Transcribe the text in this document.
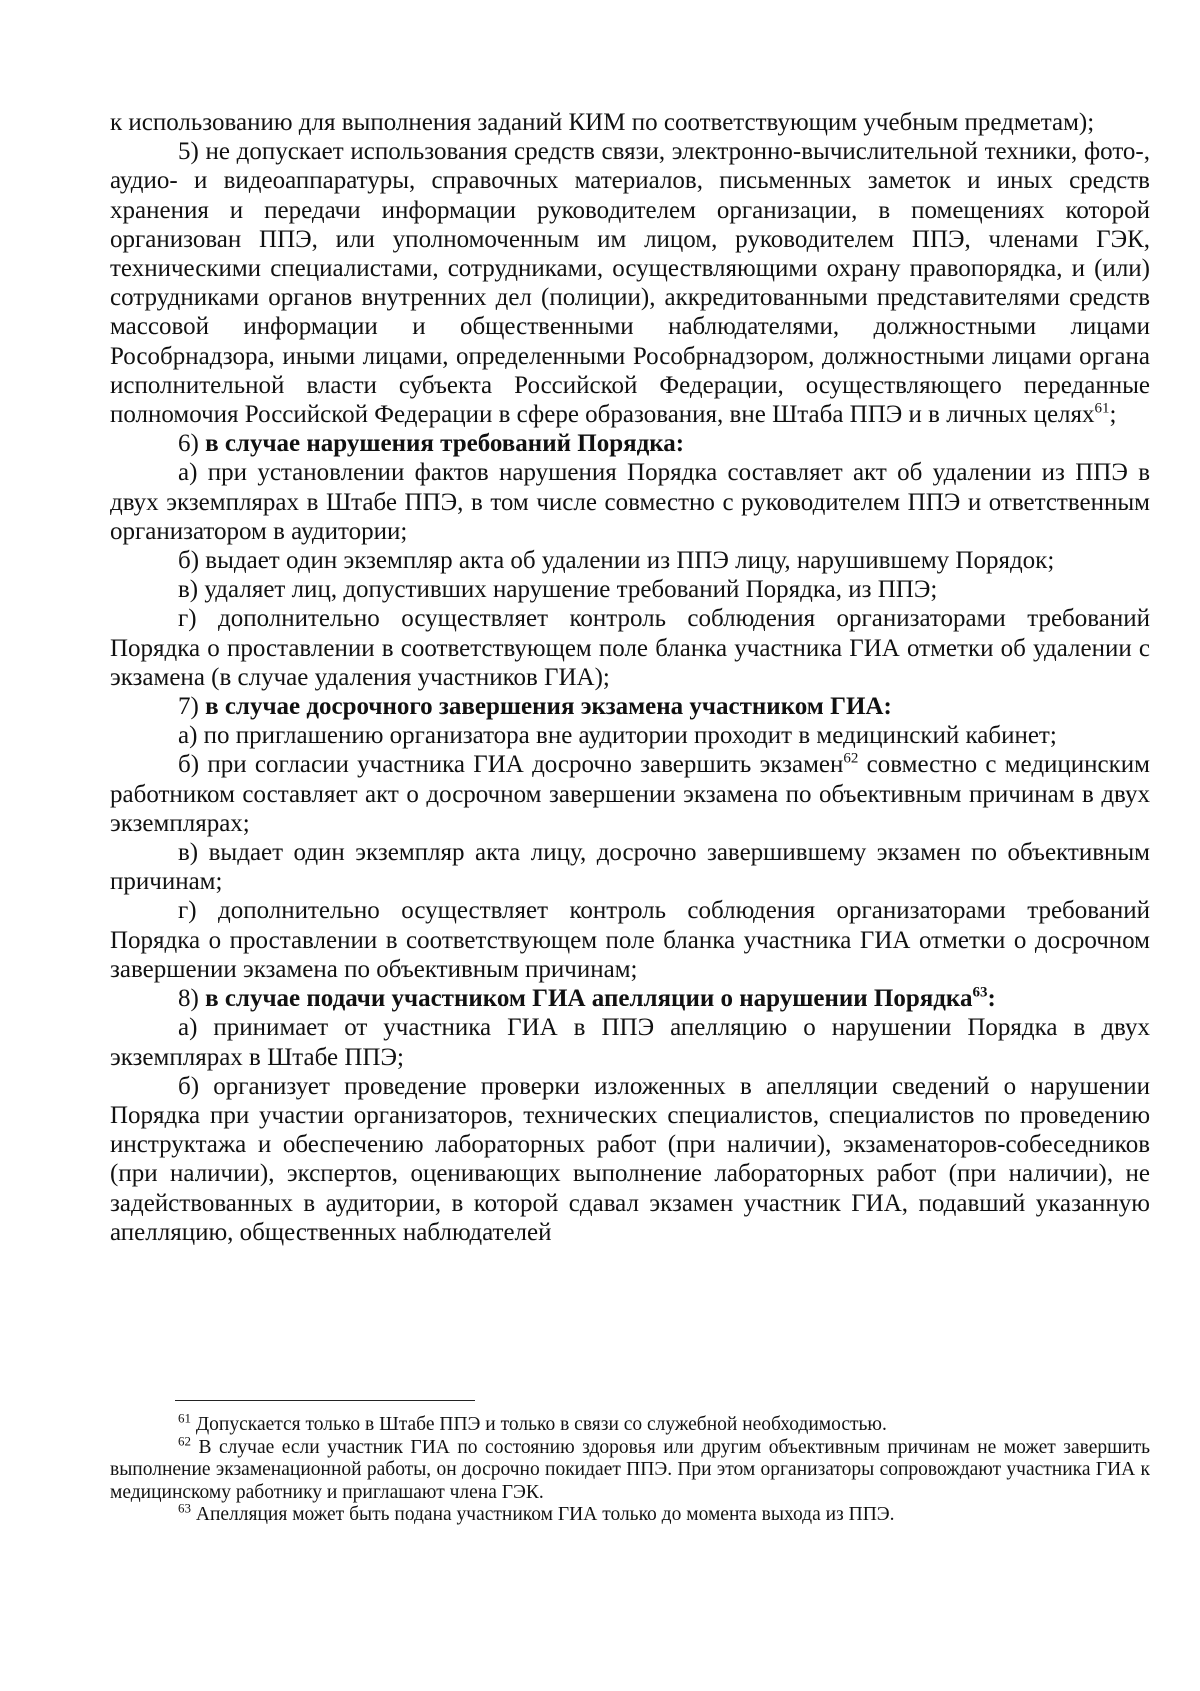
к использованию для выполнения заданий КИМ по соответствующим учебным предметам);

5) не допускает использования средств связи, электронно-вычислительной техники, фото-, аудио- и видеоаппаратуры, справочных материалов, письменных заметок и иных средств хранения и передачи информации руководителем организации, в помещениях которой организован ППЭ, или уполномоченным им лицом, руководителем ППЭ, членами ГЭК, техническими специалистами, сотрудниками, осуществляющими охрану правопорядка, и (или) сотрудниками органов внутренних дел (полиции), аккредитованными представителями средств массовой информации и общественными наблюдателями, должностными лицами Рособрнадзора, иными лицами, определенными Рособрнадзором, должностными лицами органа исполнительной власти субъекта Российской Федерации, осуществляющего переданные полномочия Российской Федерации в сфере образования, вне Штаба ППЭ и в личных целях$^{61}$;

6) в случае нарушения требований Порядка:

а) при установлении фактов нарушения Порядка составляет акт об удалении из ППЭ в двух экземплярах в Штабе ППЭ, в том числе совместно с руководителем ППЭ и ответственным организатором в аудитории;

б) выдает один экземпляр акта об удалении из ППЭ лицу, нарушившему Порядок;

в) удаляет лиц, допустивших нарушение требований Порядка, из ППЭ;

г) дополнительно осуществляет контроль соблюдения организаторами требований Порядка о проставлении в соответствующем поле бланка участника ГИА отметки об удалении с экзамена (в случае удаления участников ГИА);

7) в случае досрочного завершения экзамена участником ГИА:

а) по приглашению организатора вне аудитории проходит в медицинский кабинет;

б) при согласии участника ГИА досрочно завершить экзамен$^{62}$ совместно с медицинским работником составляет акт о досрочном завершении экзамена по объективным причинам в двух экземплярах;

в) выдает один экземпляр акта лицу, досрочно завершившему экзамен по объективным причинам;

г) дополнительно осуществляет контроль соблюдения организаторами требований Порядка о проставлении в соответствующем поле бланка участника ГИА отметки о досрочном завершении экзамена по объективным причинам;

8) в случае подачи участником ГИА апелляции о нарушении Порядка$^{63}$:

а) принимает от участника ГИА в ППЭ апелляцию о нарушении Порядка в двух экземплярах в Штабе ППЭ;

б) организует проведение проверки изложенных в апелляции сведений о нарушении Порядка при участии организаторов, технических специалистов, специалистов по проведению инструктажа и обеспечению лабораторных работ (при наличии), экзаменаторов-собеседников (при наличии), экспертов, оценивающих выполнение лабораторных работ (при наличии), не задействованных в аудитории, в которой сдавал экзамен участник ГИА, подавший указанную апелляцию, общественных наблюдателей

$^{61}$ Допускается только в Штабе ППЭ и только в связи со служебной необходимостью.

$^{62}$ В случае если участник ГИА по состоянию здоровья или другим объективным причинам не может завершить выполнение экзаменационной работы, он досрочно покидает ППЭ. При этом организаторы сопровождают участника ГИА к медицинскому работнику и приглашают члена ГЭК.

$^{63}$ Апелляция может быть подана участником ГИА только до момента выхода из ППЭ.
